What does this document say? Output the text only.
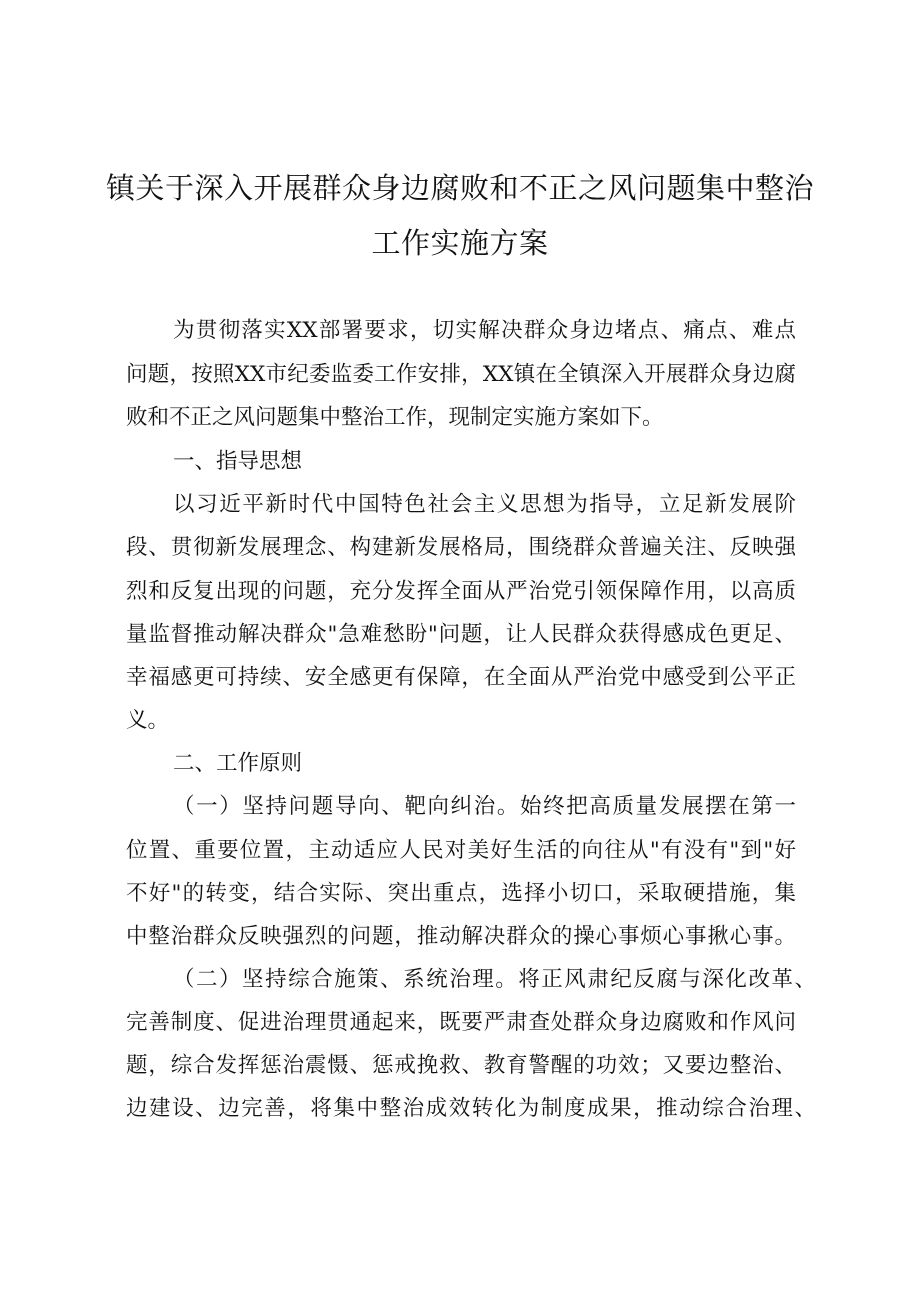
镇关于深入开展群众身边腐败和不正之风问题集中整治
工作实施方案
为贯彻落实XX部署要求，切实解决群众身边堵点、痛点、难点
问题，按照XX市纪委监委工作安排，XX镇在全镇深入开展群众身边腐
败和不正之风问题集中整治工作，现制定实施方案如下。
一、指导思想
以习近平新时代中国特色社会主义思想为指导，立足新发展阶
段、贯彻新发展理念、构建新发展格局，围绕群众普遍关注、反映强
烈和反复出现的问题，充分发挥全面从严治党引领保障作用，以高质
量监督推动解决群众"急难愁盼"问题，让人民群众获得感成色更足、
幸福感更可持续、安全感更有保障，在全面从严治党中感受到公平正
义。
二、工作原则
（一）坚持问题导向、靶向纠治。始终把高质量发展摆在第一
位置、重要位置，主动适应人民对美好生活的向往从"有没有"到"好
不好"的转变，结合实际、突出重点，选择小切口，采取硬措施，集
中整治群众反映强烈的问题，推动解决群众的操心事烦心事揪心事。
（二）坚持综合施策、系统治理。将正风肃纪反腐与深化改革、
完善制度、促进治理贯通起来，既要严肃查处群众身边腐败和作风问
题，综合发挥惩治震慑、惩戒挽救、教育警醒的功效；又要边整治、
边建设、边完善，将集中整治成效转化为制度成果，推动综合治理、
